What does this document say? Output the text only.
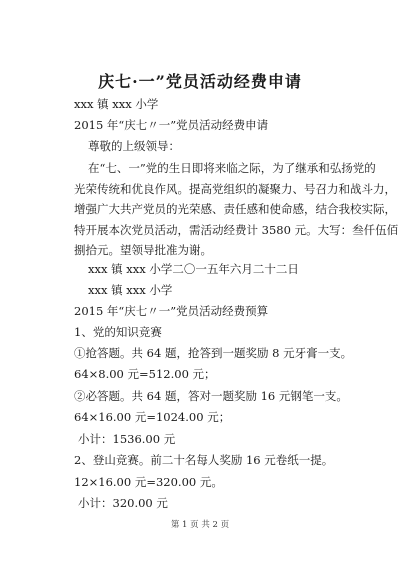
庆七·一”党员活动经费申请
xxx 镇 xxx 小学
2015 年“庆七〃一”党员活动经费申请
尊敬的上级领导：
在“七、一”党的生日即将来临之际，为了继承和弘扬党的
光荣传统和优良作风。提高党组织的凝聚力、号召力和战斗力，
增强广大共产党员的光荣感、责任感和使命感，结合我校实际，
特开展本次党员活动，需活动经费计 3580 元。大写：叁仟伍佰
捌拾元。望领导批准为谢。
xxx 镇 xxx 小学二〇一五年六月二十二日
xxx 镇 xxx 小学
2015 年“庆七〃一”党员活动经费预算
1、党的知识竞赛
①抢答题。共 64 题，抢答到一题奖励 8 元牙膏一支。
64×8.00 元=512.00 元；
②必答题。共 64 题，答对一题奖励 16 元钢笔一支。
64×16.00 元=1024.00 元；
小计：1536.00 元
2、登山竞赛。前二十名每人奖励 16 元卷纸一提。
12×16.00 元=320.00 元。
小计：320.00 元
第 1 页 共 2 页
